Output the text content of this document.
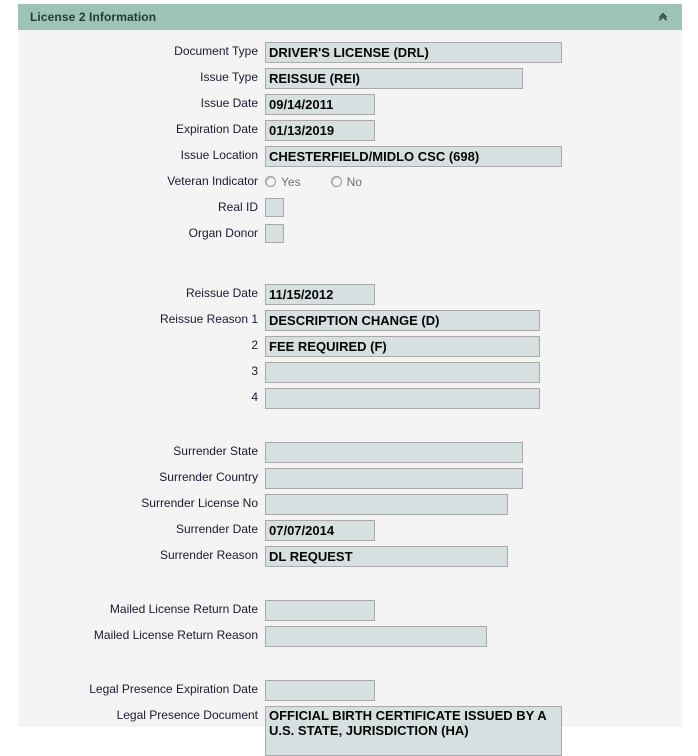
License 2 Information
Document Type DRIVER'S LICENSE (DRL)
Issue Type REISSUE (REI)
Issue Date 09/14/2011
Expiration Date 01/13/2019
Issue Location CHESTERFIELD/MIDLO CSC (698)
Veteran Indicator	Yes	No
Real ID
Organ Donor
Reissue Date 11/15/2012
Reissue Reason 1 DESCRIPTION CHANGE (D)
2 FEE REQUIRED (F)
3
4
Surrender State
Surrender Country
Surrender License No
Surrender Date 07/07/2014
Surrender Reason DL REQUEST
Mailed License Return Date
Mailed License Return Reason
Legal Presence Expiration Date
Legal Presence Document OFFICIAL BIRTH CERTIFICATE ISSUED BY A U.S. STATE, JURISDICTION (HA)
